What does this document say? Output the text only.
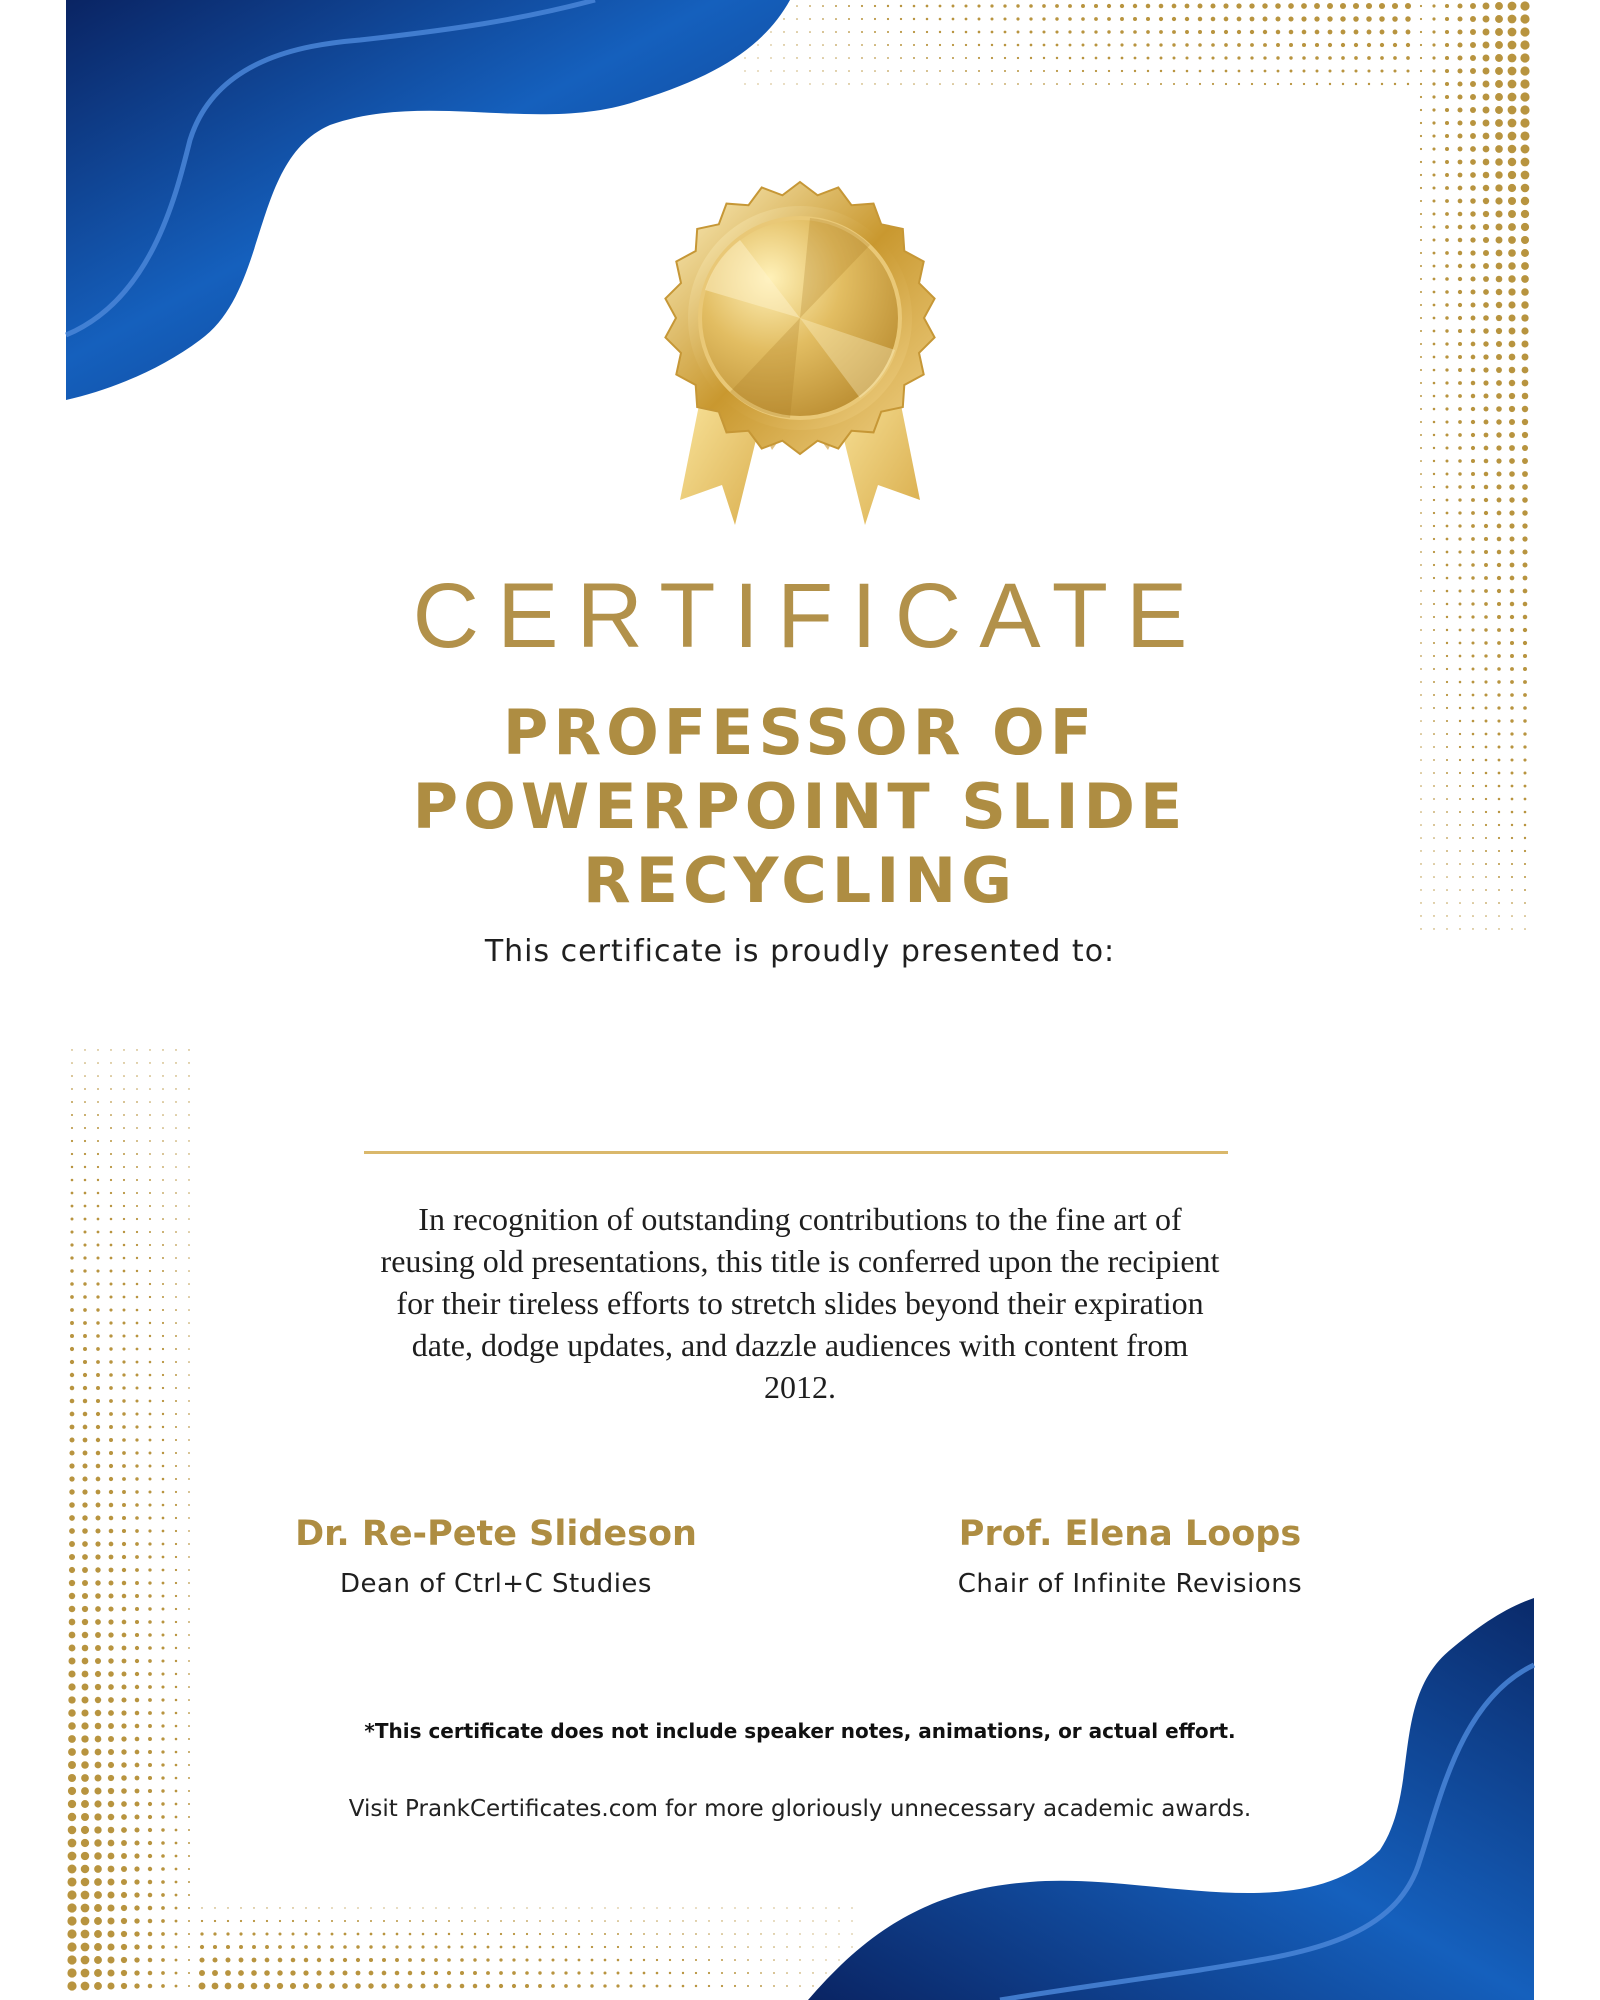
CERTIFICATE
PROFESSOR OF POWERPOINT SLIDE RECYCLING
This certificate is proudly presented to:
In recognition of outstanding contributions to the fine art of reusing old presentations, this title is conferred upon the recipient for their tireless efforts to stretch slides beyond their expiration date, dodge updates, and dazzle audiences with content from 2012.
Dr. Re-Pete Slideson
Dean of Ctrl+C Studies
Prof. Elena Loops
Chair of Infinite Revisions
*This certificate does not include speaker notes, animations, or actual effort.
Visit PrankCertificates.com for more gloriously unnecessary academic awards.
